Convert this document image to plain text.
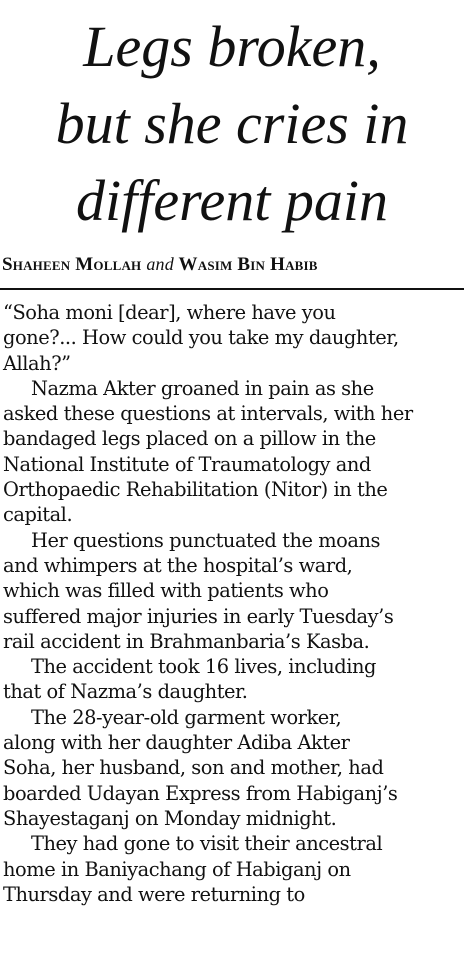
Legs broken,
but she cries in
different pain
Shaheen Mollah and Wasim Bin Habib

“Soha moni [dear], where have you
gone?... How could you take my daughter,
Allah?”

Nazma Akter groaned in pain as she
asked these questions at intervals, with her
bandaged legs placed on a pillow in the
National Institute of Traumatology and
Orthopaedic Rehabilitation (Nitor) in the
capital.

Her questions punctuated the moans
and whimpers at the hospital’s ward,
which was filled with patients who
suffered major injuries in early Tuesday’s
rail accident in Brahmanbaria’s Kasba.

The accident took 16 lives, including
that of Nazma’s daughter.

The 28-year-old garment worker,
along with her daughter Adiba Akter
Soha, her husband, son and mother, had
boarded Udayan Express from Habiganj’s
Shayestaganj on Monday midnight.

They had gone to visit their ancestral
home in Baniyachang of Habiganj on
Thursday and were returning to
